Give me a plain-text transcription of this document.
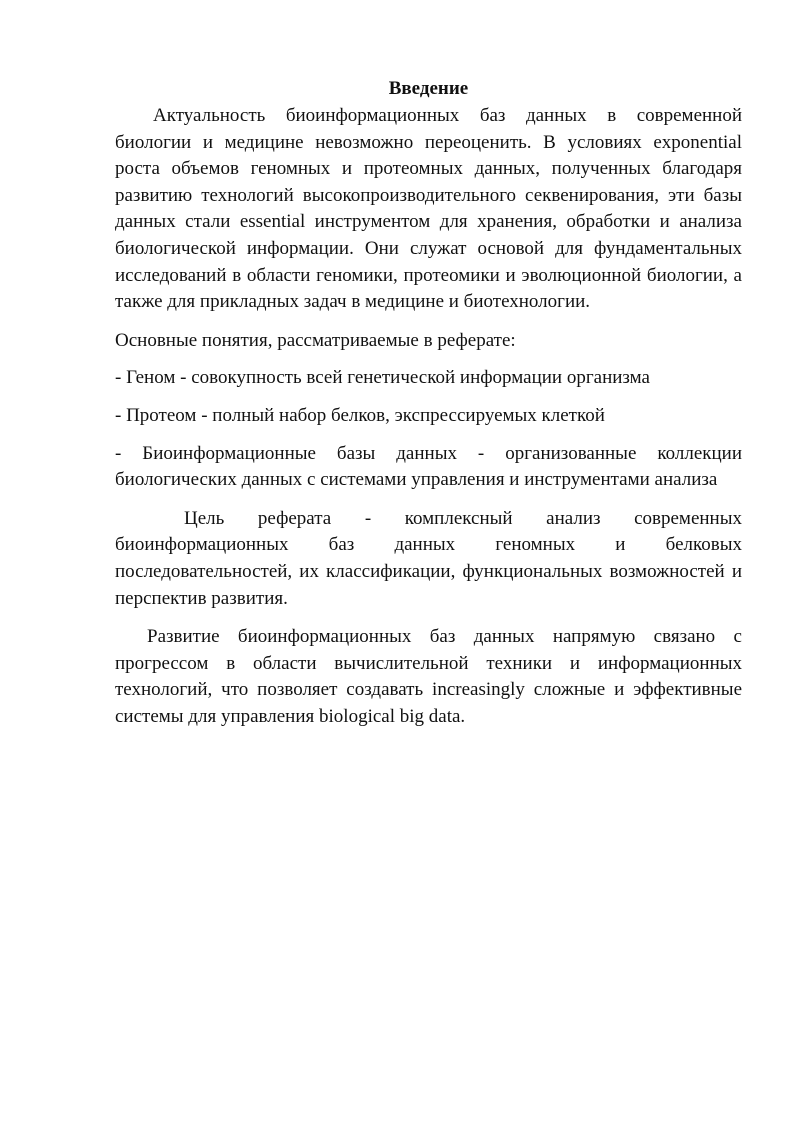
Введение

Актуальность биоинформационных баз данных в современной биологии и медицине невозможно переоценить. В условиях exponential роста объемов геномных и протеомных данных, полученных благодаря развитию технологий высокопроизводительного секвенирования, эти базы данных стали essential инструментом для хранения, обработки и анализа биологической информации. Они служат основой для фундаментальных исследований в области геномики, протеомики и эволюционной биологии, а также для прикладных задач в медицине и биотехнологии.

Основные понятия, рассматриваемые в реферате:

- Геном - совокупность всей генетической информации организма

- Протеом - полный набор белков, экспрессируемых клеткой

- Биоинформационные базы данных - организованные коллекции биологических данных с системами управления и инструментами анализа

Цель реферата - комплексный анализ современных биоинформационных баз данных геномных и белковых последовательностей, их классификации, функциональных возможностей и перспектив развития.

Развитие биоинформационных баз данных напрямую связано с прогрессом в области вычислительной техники и информационных технологий, что позволяет создавать increasingly сложные и эффективные системы для управления biological big data.
